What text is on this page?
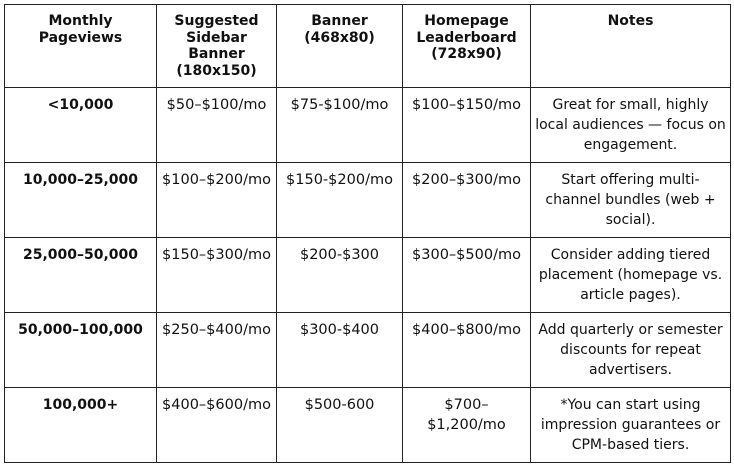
Monthly Pageviews	Suggested Sidebar Banner (180x150)	Banner (468x80)	Homepage Leaderboard (728x90)	Notes
<10,000	$50–$100/mo	$75-$100/mo	$100–$150/mo	Great for small, highly local audiences — focus on engagement.
10,000–25,000	$100–$200/mo	$150-$200/mo	$200–$300/mo	Start offering multi-channel bundles (web + social).
25,000–50,000	$150–$300/mo	$200-$300	$300–$500/mo	Consider adding tiered placement (homepage vs. article pages).
50,000–100,000	$250–$400/mo	$300-$400	$400–$800/mo	Add quarterly or semester discounts for repeat advertisers.
100,000+	$400–$600/mo	$500-600	$700–$1,200/mo	*You can start using impression guarantees or CPM-based tiers.
